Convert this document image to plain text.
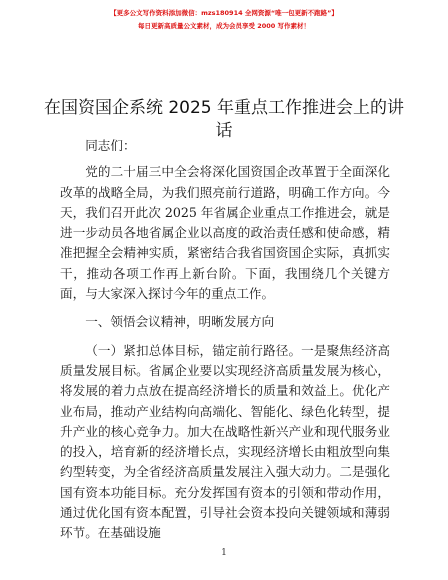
【更多公文写作资料添加微信：mzs180914 全网资源“唯一包更新不跑路”】
每日更新高质量公文素材，成为会员享受 2000 写作素材！
在国资国企系统 2025 年重点工作推进会上的讲话

同志们：

党的二十届三中全会将深化国资国企改革置于全面深化改革的战略全局，为我们照亮前行道路，明确工作方向。今天，我们召开此次 2025 年省属企业重点工作推进会，就是进一步动员各地省属企业以高度的政治责任感和使命感，精准把握全会精神实质，紧密结合我省国资国企实际，真抓实干，推动各项工作再上新台阶。下面，我围绕几个关键方面，与大家深入探讨今年的重点工作。

一、领悟会议精神，明晰发展方向

（一）紧扣总体目标，锚定前行路径。一是聚焦经济高质量发展目标。省属企业要以实现经济高质量发展为核心，将发展的着力点放在提高经济增长的质量和效益上。优化产业布局，推动产业结构向高端化、智能化、绿色化转型，提升产业的核心竞争力。加大在战略性新兴产业和现代服务业的投入，培育新的经济增长点，实现经济增长由粗放型向集约型转变，为全省经济高质量发展注入强大动力。二是强化国有资本功能目标。充分发挥国有资本的引领和带动作用，通过优化国有资本配置，引导社会资本投向关键领域和薄弱环节。在基础设施

1
